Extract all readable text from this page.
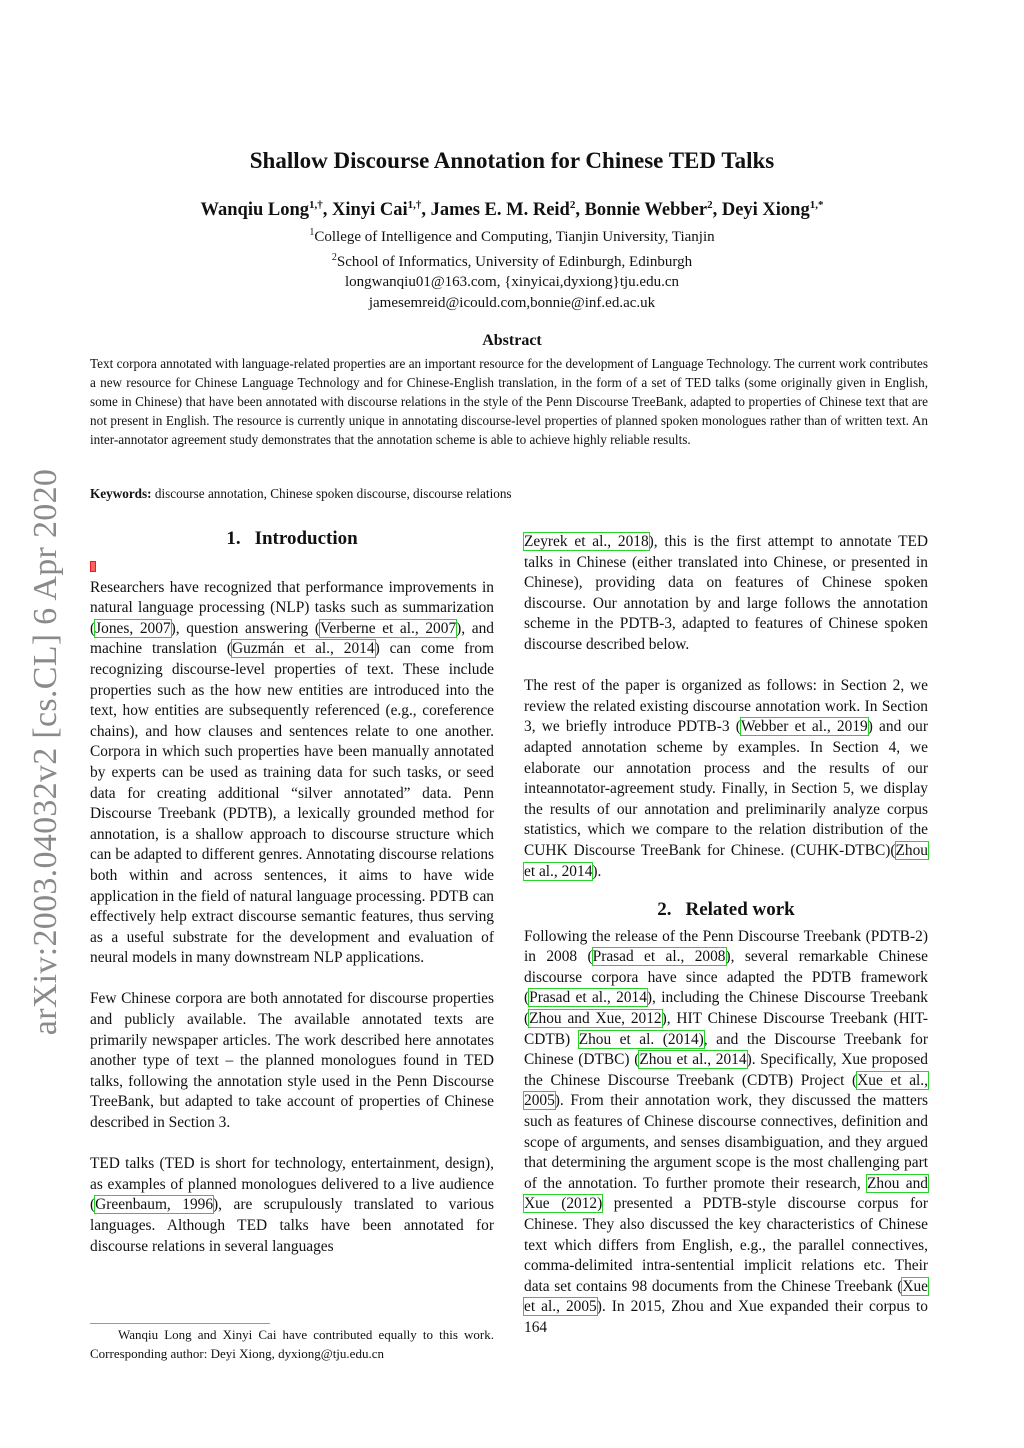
arXiv:2003.04032v2 [cs.CL] 6 Apr 2020
Shallow Discourse Annotation for Chinese TED Talks
Wanqiu Long$^{1,\dagger}$, Xinyi Cai$^{1,\dagger}$, James E. M. Reid$^2$, Bonnie Webber$^2$, Deyi Xiong$^{1,*}$
$^1$College of Intelligence and Computing, Tianjin University, Tianjin
$^2$School of Informatics, University of Edinburgh, Edinburgh
longwanqiu01@163.com, {xinyicai,dyxiong}tju.edu.cn
jamesemreid@icould.com,bonnie@inf.ed.ac.uk
Abstract
Text corpora annotated with language-related properties are an important resource for the development of Language Technology. The current work contributes a new resource for Chinese Language Technology and for Chinese-English translation, in the form of a set of TED talks (some originally given in English, some in Chinese) that have been annotated with discourse relations in the style of the Penn Discourse TreeBank, adapted to properties of Chinese text that are not present in English. The resource is currently unique in annotating discourse-level properties of planned spoken monologues rather than of written text. An inter-annotator agreement study demonstrates that the annotation scheme is able to achieve highly reliable results.
Keywords: discourse annotation, Chinese spoken discourse, discourse relations
1. Introduction

Researchers have recognized that performance improvements in natural language processing (NLP) tasks such as summarization (Jones, 2007), question answering (Verberne et al., 2007), and machine translation (Guzmán et al., 2014) can come from recognizing discourse-level properties of text. These include properties such as the how new entities are introduced into the text, how entities are subsequently referenced (e.g., coreference chains), and how clauses and sentences relate to one another. Corpora in which such properties have been manually annotated by experts can be used as training data for such tasks, or seed data for creating additional “silver annotated” data. Penn Discourse Treebank (PDTB), a lexically grounded method for annotation, is a shallow approach to discourse structure which can be adapted to different genres. Annotating discourse relations both within and across sentences, it aims to have wide application in the field of natural language processing. PDTB can effectively help extract discourse semantic features, thus serving as a useful substrate for the development and evaluation of neural models in many downstream NLP applications.

Few Chinese corpora are both annotated for discourse properties and publicly available. The available annotated texts are primarily newspaper articles. The work described here annotates another type of text – the planned monologues found in TED talks, following the annotation style used in the Penn Discourse TreeBank, but adapted to take account of properties of Chinese described in Section 3.

TED talks (TED is short for technology, entertainment, design), as examples of planned monologues delivered to a live audience (Greenbaum, 1996), are scrupulously translated to various languages. Although TED talks have been annotated for discourse relations in several languages

Zeyrek et al., 2018), this is the first attempt to annotate TED talks in Chinese (either translated into Chinese, or presented in Chinese), providing data on features of Chinese spoken discourse. Our annotation by and large follows the annotation scheme in the PDTB-3, adapted to features of Chinese spoken discourse described below.

The rest of the paper is organized as follows: in Section 2, we review the related existing discourse annotation work. In Section 3, we briefly introduce PDTB-3 (Webber et al., 2019) and our adapted annotation scheme by examples. In Section 4, we elaborate our annotation process and the results of our inteannotator-agreement study. Finally, in Section 5, we display the results of our annotation and preliminarily analyze corpus statistics, which we compare to the relation distribution of the CUHK Discourse TreeBank for Chinese. (CUHK-DTBC)(Zhou et al., 2014).

2. Related work

Following the release of the Penn Discourse Treebank (PDTB-2) in 2008 (Prasad et al., 2008), several remarkable Chinese discourse corpora have since adapted the PDTB framework (Prasad et al., 2014), including the Chinese Discourse Treebank (Zhou and Xue, 2012), HIT Chinese Discourse Treebank (HIT-CDTB) Zhou et al. (2014), and the Discourse Treebank for Chinese (DTBC) (Zhou et al., 2014). Specifically, Xue proposed the Chinese Discourse Treebank (CDTB) Project (Xue et al., 2005). From their annotation work, they discussed the matters such as features of Chinese discourse connectives, definition and scope of arguments, and senses disambiguation, and they argued that determining the argument scope is the most challenging part of the annotation. To further promote their research, Zhou and Xue (2012) presented a PDTB-style discourse corpus for Chinese. They also discussed the key characteristics of Chinese text which differs from English, e.g., the parallel connectives, comma-delimited intra-sentential implicit relations etc. Their data set contains 98 documents from the Chinese Treebank (Xue et al., 2005). In 2015, Zhou and Xue expanded their corpus to 164

Wanqiu Long and Xinyi Cai have contributed equally to this work. Corresponding author: Deyi Xiong, dyxiong@tju.edu.cn
